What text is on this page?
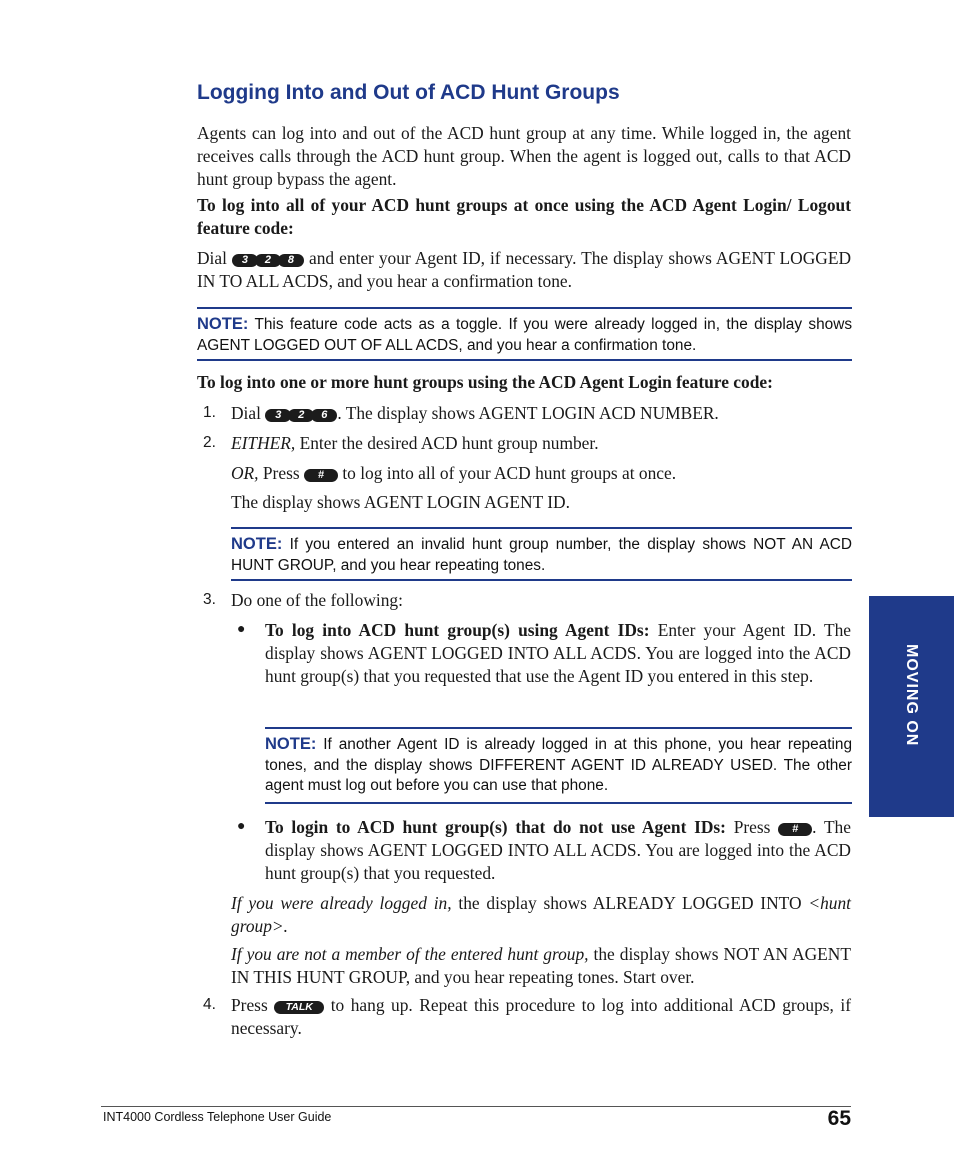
Logging Into and Out of ACD Hunt Groups
Agents can log into and out of the ACD hunt group at any time. While logged in, the agent receives calls through the ACD hunt group. When the agent is logged out, calls to that ACD hunt group bypass the agent.
To log into all of your ACD hunt groups at once using the ACD Agent Login/ Logout feature code:
Dial 3 2 8 and enter your Agent ID, if necessary. The display shows AGENT LOGGED IN TO ALL ACDS, and you hear a confirmation tone.
NOTE: This feature code acts as a toggle. If you were already logged in, the display shows AGENT LOGGED OUT OF ALL ACDS, and you hear a confirmation tone.
To log into one or more hunt groups using the ACD Agent Login feature code:
1. Dial 3 2 6 . The display shows AGENT LOGIN ACD NUMBER.
2. EITHER, Enter the desired ACD hunt group number.
OR, Press # to log into all of your ACD hunt groups at once.
The display shows AGENT LOGIN AGENT ID.
NOTE: If you entered an invalid hunt group number, the display shows NOT AN ACD HUNT GROUP, and you hear repeating tones.
3. Do one of the following:
● To log into ACD hunt group(s) using Agent IDs: Enter your Agent ID. The display shows AGENT LOGGED INTO ALL ACDS. You are logged into the ACD hunt group(s) that you requested that use the Agent ID you entered in this step.
NOTE: If another Agent ID is already logged in at this phone, you hear repeating tones, and the display shows DIFFERENT AGENT ID ALREADY USED. The other agent must log out before you can use that phone.
● To login to ACD hunt group(s) that do not use Agent IDs: Press # . The display shows AGENT LOGGED INTO ALL ACDS. You are logged into the ACD hunt group(s) that you requested.
If you were already logged in, the display shows ALREADY LOGGED INTO <hunt group>.
If you are not a member of the entered hunt group, the display shows NOT AN AGENT IN THIS HUNT GROUP, and you hear repeating tones. Start over.
4. Press TALK to hang up. Repeat this procedure to log into additional ACD groups, if necessary.
MOVING ON
INT4000 Cordless Telephone User Guide	65
